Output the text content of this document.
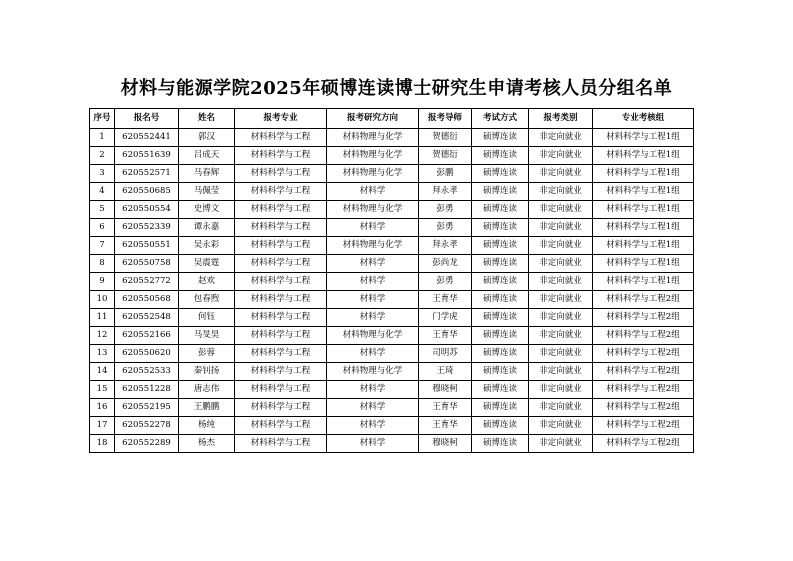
材料与能源学院2025年硕博连读博士研究生申请考核人员分组名单
序号	报名号	姓名	报考专业	报考研究方向	报考导师	考试方式	报考类别	专业考核组
1	620552441	郭汉	材料科学与工程	材料物理与化学	贺德衍	硕博连读	非定向就业	材料科学与工程1组
2	620551639	吕成天	材料科学与工程	材料物理与化学	贺德衍	硕博连读	非定向就业	材料科学与工程1组
3	620552571	马春辉	材料科学与工程	材料物理与化学	彭鹏	硕博连读	非定向就业	材料科学与工程1组
4	620550685	马佩莹	材料科学与工程	材料学	拜永孝	硕博连读	非定向就业	材料科学与工程1组
5	620550554	史博文	材料科学与工程	材料物理与化学	彭勇	硕博连读	非定向就业	材料科学与工程1组
6	620552339	谭永嘉	材料科学与工程	材料学	彭勇	硕博连读	非定向就业	材料科学与工程1组
7	620550551	吴永彩	材料科学与工程	材料物理与化学	拜永孝	硕博连读	非定向就业	材料科学与工程1组
8	620550758	吴震霆	材料科学与工程	材料学	彭尚龙	硕博连读	非定向就业	材料科学与工程1组
9	620552772	赵欢	材料科学与工程	材料学	彭勇	硕博连读	非定向就业	材料科学与工程1组
10	620550568	包春煦	材料科学与工程	材料学	王育华	硕博连读	非定向就业	材料科学与工程2组
11	620552548	何钰	材料科学与工程	材料学	门学虎	硕博连读	非定向就业	材料科学与工程2组
12	620552166	马旻昊	材料科学与工程	材料物理与化学	王育华	硕博连读	非定向就业	材料科学与工程2组
13	620550620	彭蓉	材料科学与工程	材料学	司明苏	硕博连读	非定向就业	材料科学与工程2组
14	620552533	秦钊扬	材料科学与工程	材料物理与化学	王琦	硕博连读	非定向就业	材料科学与工程2组
15	620551228	唐志伟	材料科学与工程	材料学	穆晓柯	硕博连读	非定向就业	材料科学与工程2组
16	620552195	王鹏鹏	材料科学与工程	材料学	王育华	硕博连读	非定向就业	材料科学与工程2组
17	620552278	杨纯	材料科学与工程	材料学	王育华	硕博连读	非定向就业	材料科学与工程2组
18	620552289	杨杰	材料科学与工程	材料学	穆晓柯	硕博连读	非定向就业	材料科学与工程2组
